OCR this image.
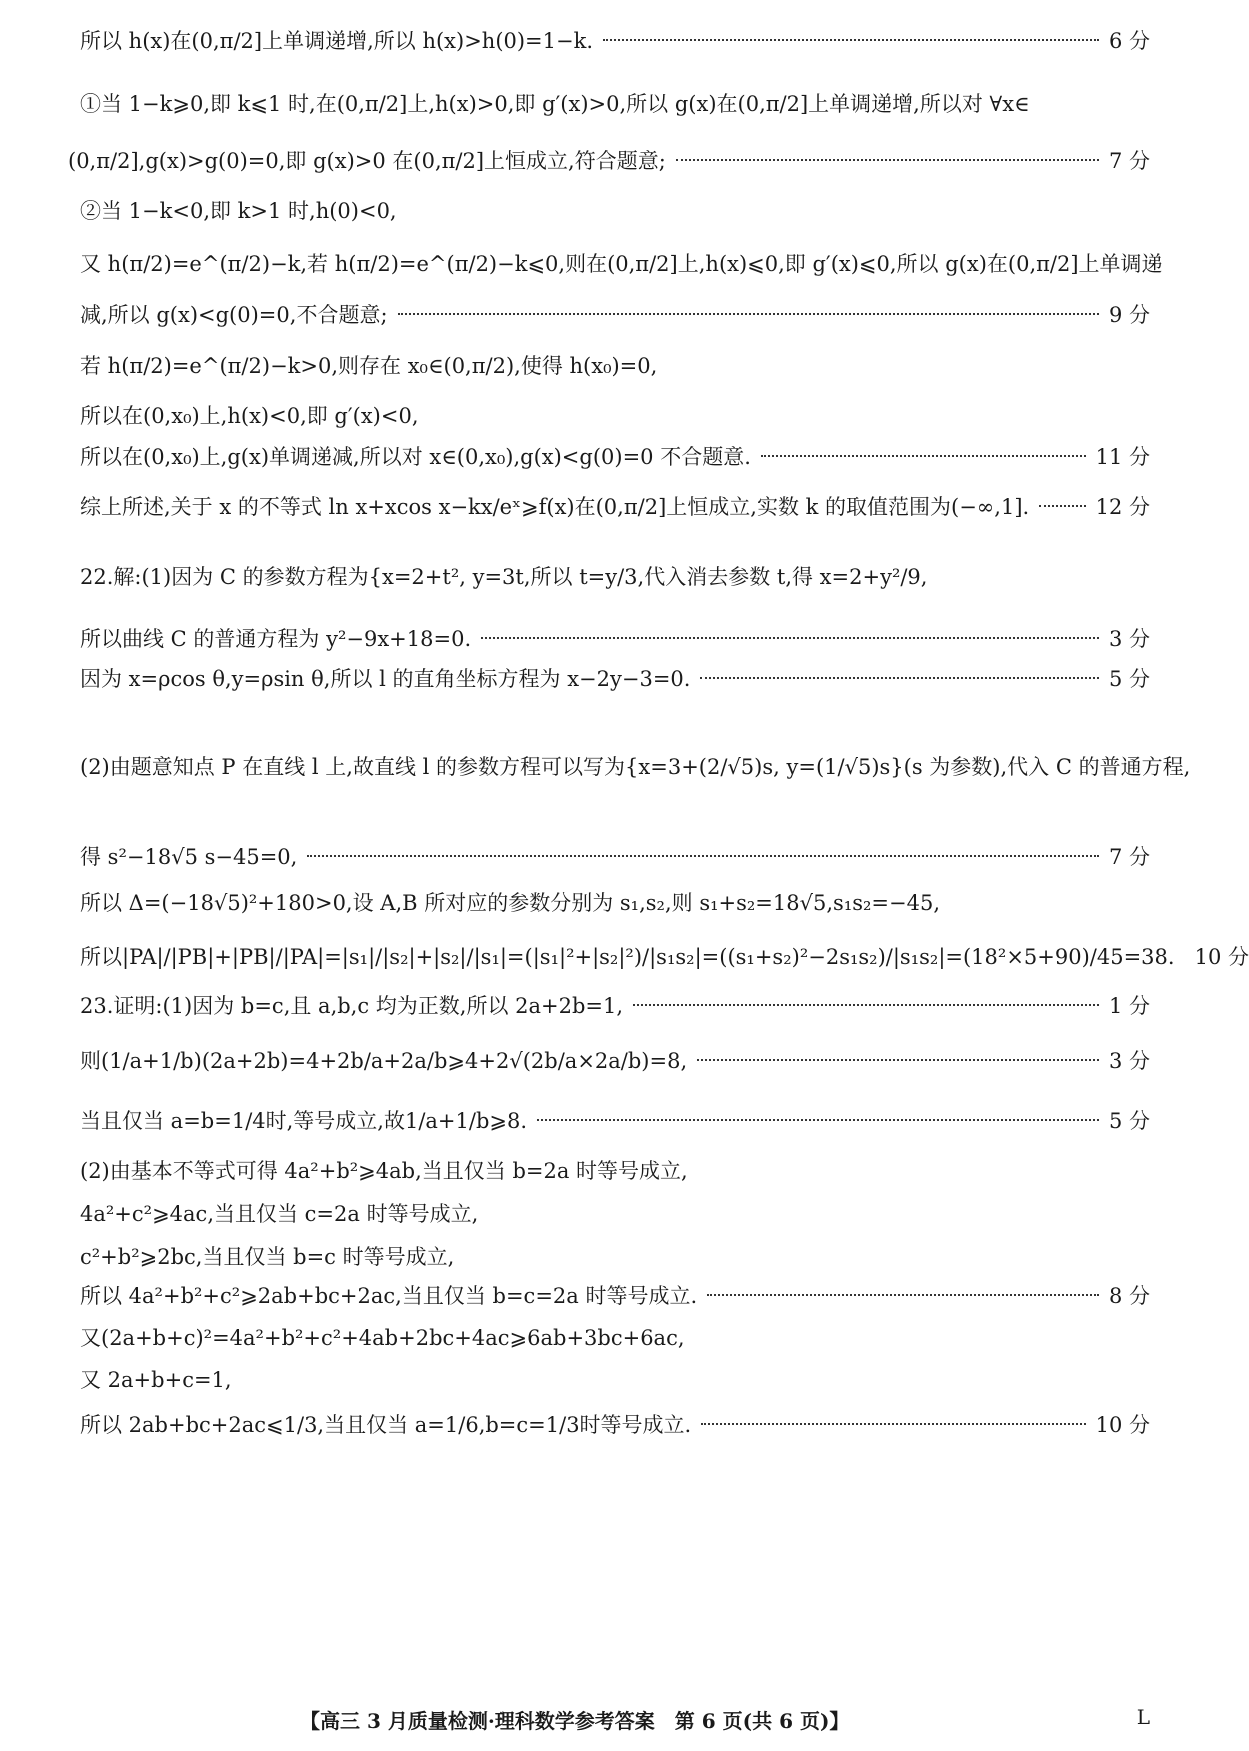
所以 h(x)在(0,π/2]上单调递增,所以 h(x)>h(0)=1−k.	6 分
①当 1−k⩾0,即 k⩽1 时,在(0,π/2]上,h(x)>0,即 g′(x)>0,所以 g(x)在(0,π/2]上单调递增,所以对 ∀x∈
(0,π/2],g(x)>g(0)=0,即 g(x)>0 在(0,π/2]上恒成立,符合题意;	7 分
②当 1−k<0,即 k>1 时,h(0)<0,
又 h(π/2)=e^(π/2)−k,若 h(π/2)=e^(π/2)−k⩽0,则在(0,π/2]上,h(x)⩽0,即 g′(x)⩽0,所以 g(x)在(0,π/2]上单调递
减,所以 g(x)<g(0)=0,不合题意;	9 分
若 h(π/2)=e^(π/2)−k>0,则存在 x₀∈(0,π/2),使得 h(x₀)=0,
所以在(0,x₀)上,h(x)<0,即 g′(x)<0,
所以在(0,x₀)上,g(x)单调递减,所以对 x∈(0,x₀),g(x)<g(0)=0 不合题意.	11 分
综上所述,关于 x 的不等式 ln x+xcos x−kx/eˣ⩾f(x)在(0,π/2]上恒成立,实数 k 的取值范围为(−∞,1].	12 分
22.解:(1)因为 C 的参数方程为{x=2+t², y=3t,所以 t=y/3,代入消去参数 t,得 x=2+y²/9,
所以曲线 C 的普通方程为 y²−9x+18=0.	3 分
因为 x=ρcos θ,y=ρsin θ,所以 l 的直角坐标方程为 x−2y−3=0.	5 分
(2)由题意知点 P 在直线 l 上,故直线 l 的参数方程可以写为{x=3+(2/√5)s, y=(1/√5)s}(s 为参数),代入 C 的普通方程,
得 s²−18√5 s−45=0,	7 分
所以 Δ=(−18√5)²+180>0,设 A,B 所对应的参数分别为 s₁,s₂,则 s₁+s₂=18√5,s₁s₂=−45,
所以|PA|/|PB|+|PB|/|PA|=|s₁|/|s₂|+|s₂|/|s₁|=(|s₁|²+|s₂|²)/|s₁s₂|=((s₁+s₂)²−2s₁s₂)/|s₁s₂|=(18²×5+90)/45=38. 10 分
23.证明:(1)因为 b=c,且 a,b,c 均为正数,所以 2a+2b=1,	1 分
则(1/a+1/b)(2a+2b)=4+2b/a+2a/b⩾4+2√(2b/a×2a/b)=8,	3 分
当且仅当 a=b=1/4时,等号成立,故1/a+1/b⩾8.	5 分
(2)由基本不等式可得 4a²+b²⩾4ab,当且仅当 b=2a 时等号成立,
4a²+c²⩾4ac,当且仅当 c=2a 时等号成立,
c²+b²⩾2bc,当且仅当 b=c 时等号成立,
所以 4a²+b²+c²⩾2ab+bc+2ac,当且仅当 b=c=2a 时等号成立.	8 分
又(2a+b+c)²=4a²+b²+c²+4ab+2bc+4ac⩾6ab+3bc+6ac,
又 2a+b+c=1,
所以 2ab+bc+2ac⩽1/3,当且仅当 a=1/6,b=c=1/3时等号成立.	10 分
【高三 3 月质量检测·理科数学参考答案　第 6 页(共 6 页)】	L
